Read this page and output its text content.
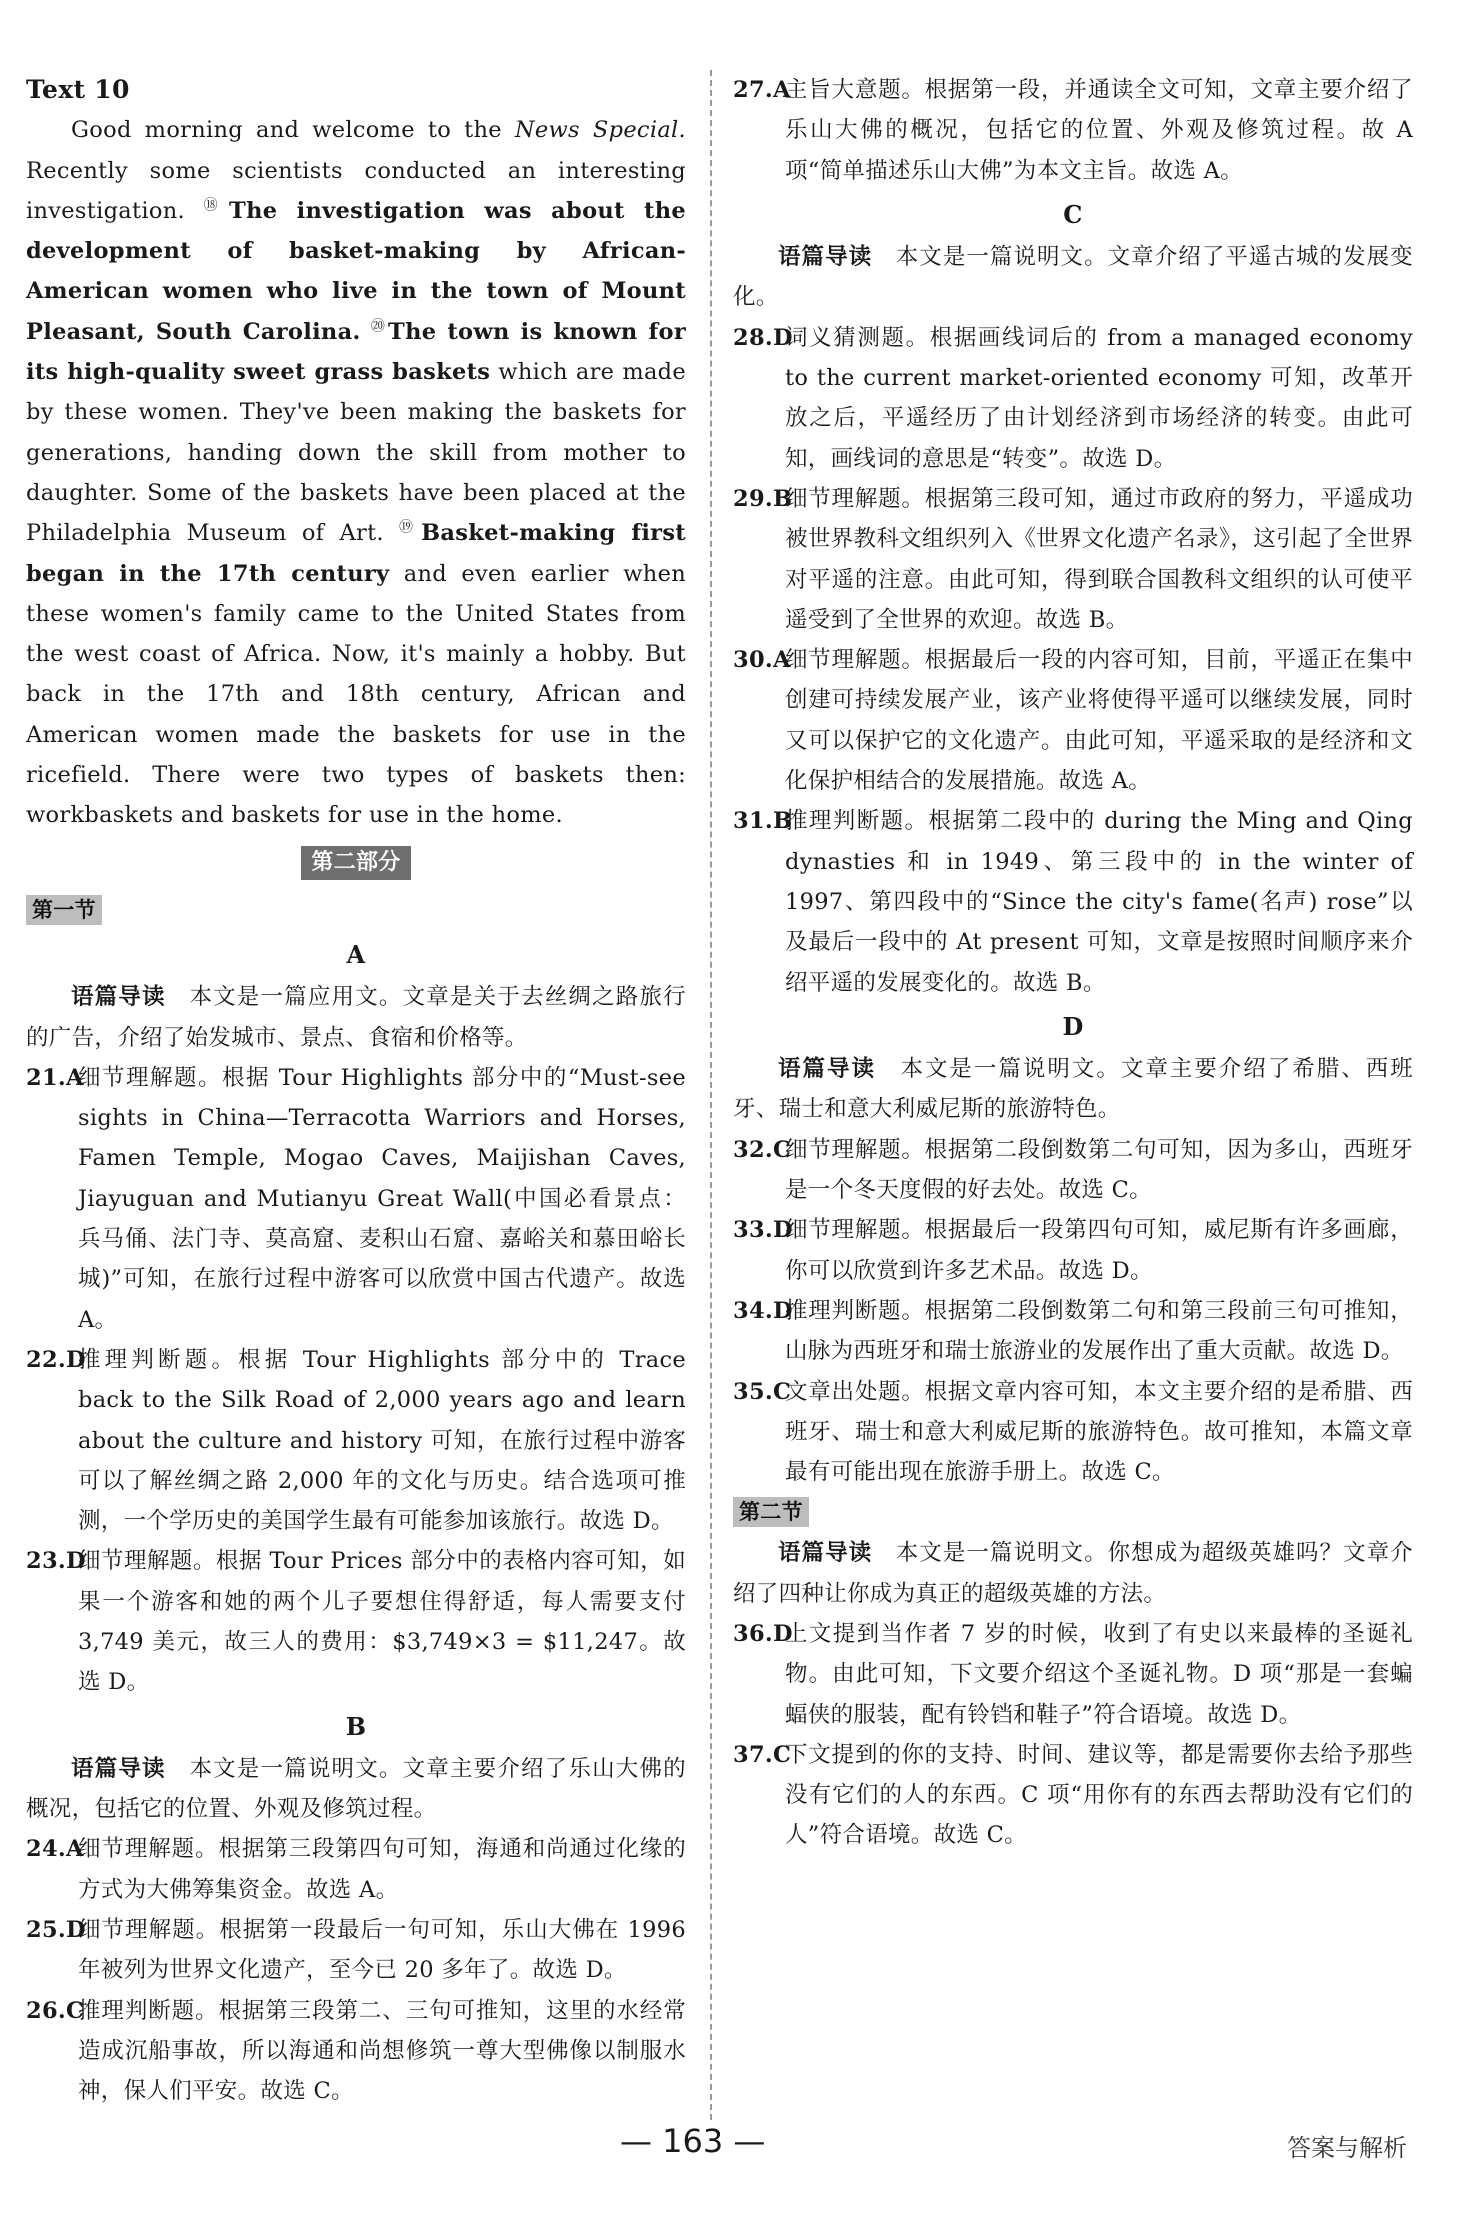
Text 10

Good morning and welcome to the News Special. Recently some scientists conducted an interesting investigation. ⑱The investigation was about the development of basket-making by African-American women who live in the town of Mount Pleasant, South Carolina. ⑳The town is known for its high-quality sweet grass baskets which are made by these women. They've been making the baskets for generations, handing down the skill from mother to daughter. Some of the baskets have been placed at the Philadelphia Museum of Art. ⑲Basket-making first began in the 17th century and even earlier when these women's family came to the United States from the west coast of Africa. Now, it's mainly a hobby. But back in the 17th and 18th century, African and American women made the baskets for use in the ricefield. There were two types of baskets then: workbaskets and baskets for use in the home.

第二部分
第一节

A

语篇导读　 本文是一篇应用文。文章是关于去丝绸之路旅行的广告，介绍了始发城市、景点、食宿和价格等。

21.A
细节理解题。根据 Tour Highlights 部分中的“Must-see sights in China—Terracotta Warriors and Horses, Famen Temple, Mogao Caves, Maijishan Caves, Jiayuguan and Mutianyu Great Wall(中国必看景点：兵马俑、法门寺、莫高窟、麦积山石窟、嘉峪关和慕田峪长城)”可知，在旅行过程中游客可以欣赏中国古代遗产。故选 A。
22.D
推理判断题。根据 Tour Highlights 部分中的 Trace back to the Silk Road of 2,000 years ago and learn about the culture and history 可知，在旅行过程中游客可以了解丝绸之路 2,000 年的文化与历史。结合选项可推测，一个学历史的美国学生最有可能参加该旅行。故选 D。
23.D
细节理解题。根据 Tour Prices 部分中的表格内容可知，如果一个游客和她的两个儿子要想住得舒适，每人需要支付 3,749 美元，故三人的费用：$3,749×3 = $11,247。故选 D。

B

语篇导读　 本文是一篇说明文。文章主要介绍了乐山大佛的概况，包括它的位置、外观及修筑过程。

24.A
细节理解题。根据第三段第四句可知，海通和尚通过化缘的方式为大佛筹集资金。故选 A。
25.D
细节理解题。根据第一段最后一句可知，乐山大佛在 1996 年被列为世界文化遗产，至今已 20 多年了。故选 D。
26.C
推理判断题。根据第三段第二、三句可推知，这里的水经常造成沉船事故，所以海通和尚想修筑一尊大型佛像以制服水神，保人们平安。故选 C。
27.A
主旨大意题。根据第一段，并通读全文可知，文章主要介绍了乐山大佛的概况，包括它的位置、外观及修筑过程。故 A 项“简单描述乐山大佛”为本文主旨。故选 A。

C

语篇导读　 本文是一篇说明文。文章介绍了平遥古城的发展变化。

28.D
词义猜测题。根据画线词后的 from a managed economy to the current market-oriented economy 可知，改革开放之后，平遥经历了由计划经济到市场经济的转变。由此可知，画线词的意思是“转变”。故选 D。
29.B
细节理解题。根据第三段可知，通过市政府的努力，平遥成功被世界教科文组织列入《世界文化遗产名录》，这引起了全世界对平遥的注意。由此可知，得到联合国教科文组织的认可使平遥受到了全世界的欢迎。故选 B。
30.A
细节理解题。根据最后一段的内容可知，目前，平遥正在集中创建可持续发展产业，该产业将使得平遥可以继续发展，同时又可以保护它的文化遗产。由此可知，平遥采取的是经济和文化保护相结合的发展措施。故选 A。
31.B
推理判断题。根据第二段中的 during the Ming and Qing dynasties 和 in 1949、第三段中的 in the winter of 1997、第四段中的“Since the city's fame(名声) rose”以及最后一段中的 At present 可知，文章是按照时间顺序来介绍平遥的发展变化的。故选 B。

D

语篇导读　 本文是一篇说明文。文章主要介绍了希腊、西班牙、瑞士和意大利威尼斯的旅游特色。

32.C
细节理解题。根据第二段倒数第二句可知，因为多山，西班牙是一个冬天度假的好去处。故选 C。
33.D
细节理解题。根据最后一段第四句可知，威尼斯有许多画廊，你可以欣赏到许多艺术品。故选 D。
34.D
推理判断题。根据第二段倒数第二句和第三段前三句可推知，山脉为西班牙和瑞士旅游业的发展作出了重大贡献。故选 D。
35.C
文章出处题。根据文章内容可知，本文主要介绍的是希腊、西班牙、瑞士和意大利威尼斯的旅游特色。故可推知，本篇文章最有可能出现在旅游手册上。故选 C。
第二节

语篇导读　 本文是一篇说明文。你想成为超级英雄吗？文章介绍了四种让你成为真正的超级英雄的方法。

36.D
上文提到当作者 7 岁的时候，收到了有史以来最棒的圣诞礼物。由此可知，下文要介绍这个圣诞礼物。D 项“那是一套蝙蝠侠的服装，配有铃铛和鞋子”符合语境。故选 D。
37.C
下文提到的你的支持、时间、建议等，都是需要你去给予那些没有它们的人的东西。C 项“用你有的东西去帮助没有它们的人”符合语境。故选 C。
— 163 —	答案与解析
